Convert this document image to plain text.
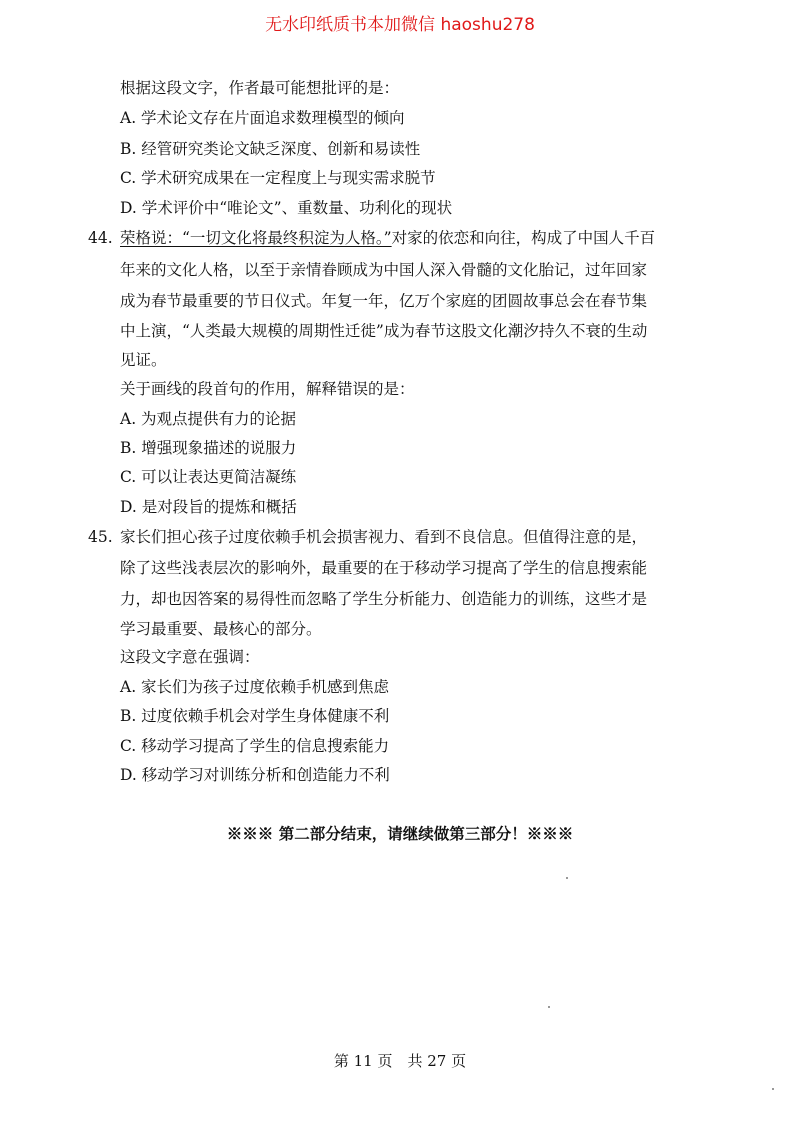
无水印纸质书本加微信 haoshu278
根据这段文字，作者最可能想批评的是：
A. 学术论文存在片面追求数理模型的倾向
B. 经管研究类论文缺乏深度、创新和易读性
C. 学术研究成果在一定程度上与现实需求脱节
D. 学术评价中“唯论文”、重数量、功利化的现状
44. 荣格说：“一切文化将最终积淀为人格。”对家的依恋和向往，构成了中国人千百
年来的文化人格，以至于亲情眷顾成为中国人深入骨髓的文化胎记，过年回家
成为春节最重要的节日仪式。年复一年，亿万个家庭的团圆故事总会在春节集
中上演，“人类最大规模的周期性迁徙”成为春节这股文化潮汐持久不衰的生动
见证。
关于画线的段首句的作用，解释错误的是：
A. 为观点提供有力的论据
B. 增强现象描述的说服力
C. 可以让表达更简洁凝练
D. 是对段旨的提炼和概括
45. 家长们担心孩子过度依赖手机会损害视力、看到不良信息。但值得注意的是，
除了这些浅表层次的影响外，最重要的在于移动学习提高了学生的信息搜索能
力，却也因答案的易得性而忽略了学生分析能力、创造能力的训练，这些才是
学习最重要、最核心的部分。
这段文字意在强调：
A. 家长们为孩子过度依赖手机感到焦虑
B. 过度依赖手机会对学生身体健康不利
C. 移动学习提高了学生的信息搜索能力
D. 移动学习对训练分析和创造能力不利
※※※ 第二部分结束，请继续做第三部分！※※※
第 11 页　共 27 页
